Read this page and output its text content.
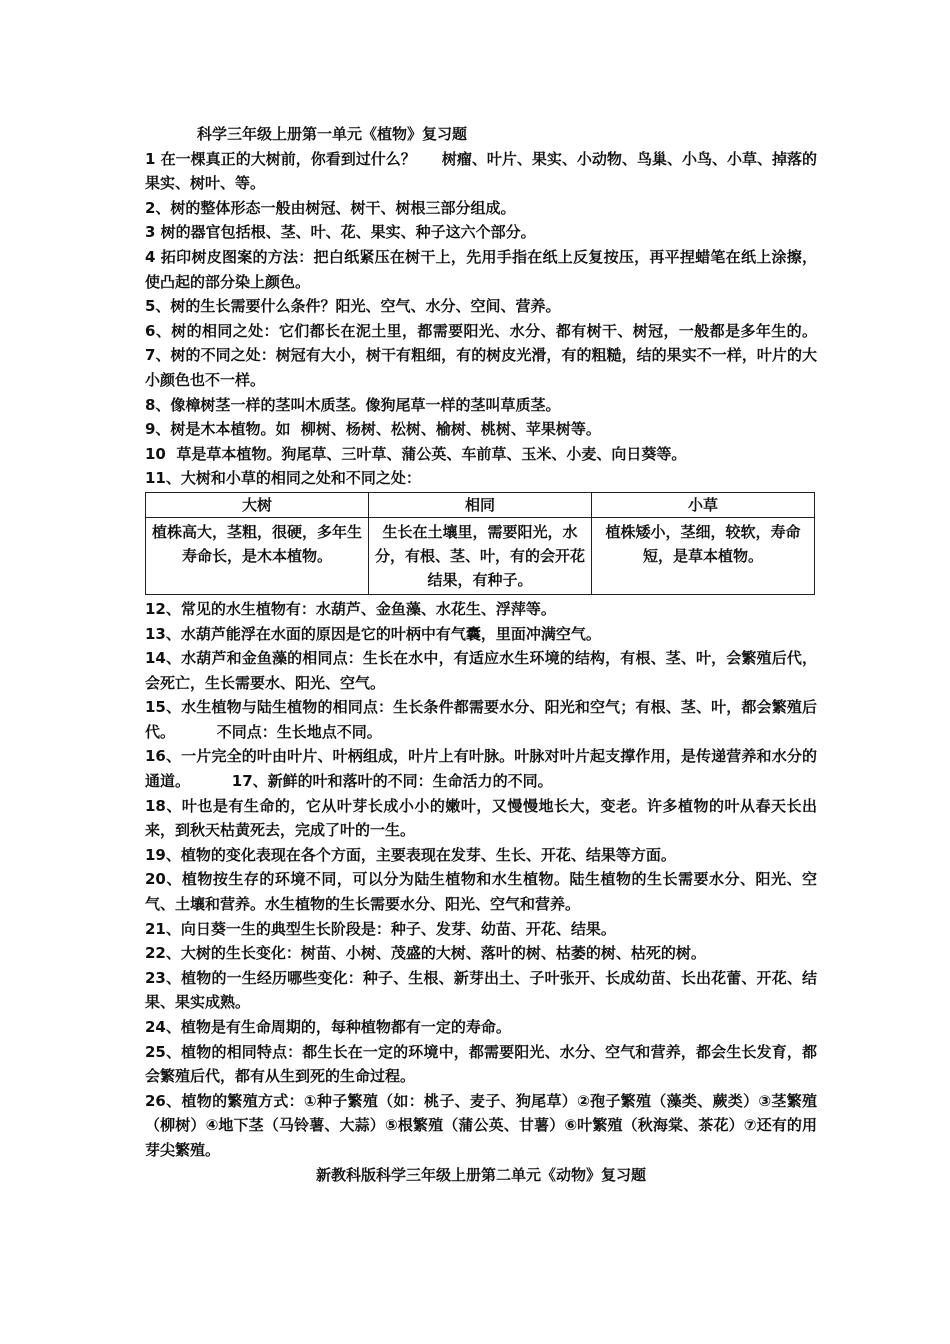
科学三年级上册第一单元《植物》复习题

1 在一棵真正的大树前，你看到过什么？     树瘤、叶片、果实、小动物、鸟巢、小鸟、小草、掉落的果实、树叶、等。

2、树的整体形态一般由树冠、树干、树根三部分组成。

3 树的器官包括根、茎、叶、花、果实、种子这六个部分。

4 拓印树皮图案的方法：把白纸紧压在树干上，先用手指在纸上反复按压，再平捏蜡笔在纸上涂擦，使凸起的部分染上颜色。

5、树的生长需要什么条件？阳光、空气、水分、空间、营养。

6、树的相同之处：它们都长在泥土里，都需要阳光、水分、都有树干、树冠，一般都是多年生的。 7、树的不同之处：树冠有大小，树干有粗细，有的树皮光滑，有的粗糙，结的果实不一样，叶片的大小颜色也不一样。

8、像樟树茎一样的茎叫木质茎。像狗尾草一样的茎叫草质茎。

9、树是木本植物。如  柳树、杨树、松树、榆树、桃树、苹果树等。

10  草是草本植物。狗尾草、三叶草、蒲公英、车前草、玉米、小麦、向日葵等。

11、大树和小草的相同之处和不同之处：

大树	相同	小草
植株高大，茎粗，很硬，多年生寿命长，是木本植物。	生长在土壤里，需要阳光，水分，有根、茎、叶，有的会开花结果，有种子。	植株矮小，茎细，较软，寿命短，是草本植物。

12、常见的水生植物有：水葫芦、金鱼藻、水花生、浮萍等。

13、水葫芦能浮在水面的原因是它的叶柄中有气囊，里面冲满空气。

14、水葫芦和金鱼藻的相同点：生长在水中，有适应水生环境的结构，有根、茎、叶，会繁殖后代，会死亡，生长需要水、阳光、空气。

15、水生植物与陆生植物的相同点：生长条件都需要水分、阳光和空气；有根、茎、叶，都会繁殖后代。        不同点：生长地点不同。

16、一片完全的叶由叶片、叶柄组成，叶片上有叶脉。叶脉对叶片起支撑作用，是传递营养和水分的通道。        17、新鲜的叶和落叶的不同：生命活力的不同。

18、叶也是有生命的，它从叶芽长成小小的嫩叶，又慢慢地长大，变老。许多植物的叶从春天长出来，到秋天枯黄死去，完成了叶的一生。

19、植物的变化表现在各个方面，主要表现在发芽、生长、开花、结果等方面。

20、植物按生存的环境不同，可以分为陆生植物和水生植物。陆生植物的生长需要水分、阳光、空气、土壤和营养。水生植物的生长需要水分、阳光、空气和营养。

21、向日葵一生的典型生长阶段是：种子、发芽、幼苗、开花、结果。

22、大树的生长变化：树苗、小树、茂盛的大树、落叶的树、枯萎的树、枯死的树。

23、植物的一生经历哪些变化：种子、生根、新芽出土、子叶张开、长成幼苗、长出花蕾、开花、结果、果实成熟。

24、植物是有生命周期的，每种植物都有一定的寿命。

25、植物的相同特点：都生长在一定的环境中，都需要阳光、水分、空气和营养，都会生长发育，都会繁殖后代，都有从生到死的生命过程。

26、植物的繁殖方式：①种子繁殖（如：桃子、麦子、狗尾草）②孢子繁殖（藻类、蕨类）③茎繁殖（柳树）④地下茎（马铃薯、大蒜）⑤根繁殖（蒲公英、甘薯）⑥叶繁殖（秋海棠、茶花）⑦还有的用芽尖繁殖。

新教科版科学三年级上册第二单元《动物》复习题
